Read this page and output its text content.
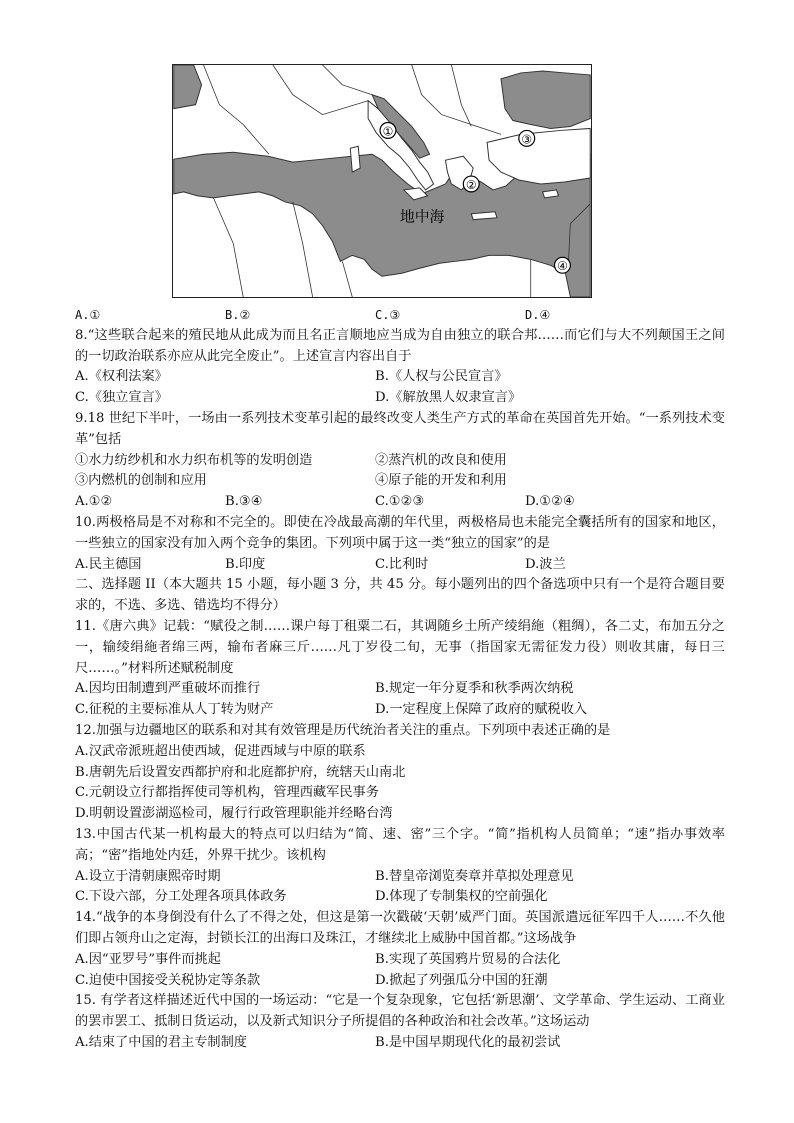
地中海
①
②
③
④
A.①	B.②	C.③	D.④
8.“这些联合起来的殖民地从此成为而且名正言顺地应当成为自由独立的联合邦……而它们与大不列颠国王之间的一切政治联系亦应从此完全废止”。上述宣言内容出自于
A.《权利法案》	B.《人权与公民宣言》
C.《独立宣言》	D.《解放黑人奴隶宣言》
9.18 世纪下半叶，一场由一系列技术变革引起的最终改变人类生产方式的革命在英国首先开始。“一系列技术变革”包括
①水力纺纱机和水力织布机等的发明创造	②蒸汽机的改良和使用
③内燃机的创制和应用	④原子能的开发和利用
A.①②	B.③④	C.①②③	D.①②④
10.两极格局是不对称和不完全的。即使在冷战最高潮的年代里，两极格局也未能完全囊括所有的国家和地区，一些独立的国家没有加入两个竞争的集团。下列项中属于这一类“独立的国家”的是
A.民主德国	B.印度	C.比利时	D.波兰
二、选择题 II（本大题共 15 小题，每小题 3 分，共 45 分。每小题列出的四个备选项中只有一个是符合题目要求的，不选、多选、错选均不得分）
11.《唐六典》记载：“赋役之制……课户每丁租粟二石，其调随乡土所产绫绢絁（粗绸），各二丈，布加五分之一，输绫绢絁者绵三两，输布者麻三斤……凡丁岁役二旬，无事（指国家无需征发力役）则收其庸，每日三尺……。”材料所述赋税制度
A.因均田制遭到严重破坏而推行	B.规定一年分夏季和秋季两次纳税
C.征税的主要标准从人丁转为财产	D.一定程度上保障了政府的赋税收入
12.加强与边疆地区的联系和对其有效管理是历代统治者关注的重点。下列项中表述正确的是
A.汉武帝派班超出使西域，促进西域与中原的联系
B.唐朝先后设置安西都护府和北庭都护府，统辖天山南北
C.元朝设立行都指挥使司等机构，管理西藏军民事务
D.明朝设置澎湖巡检司，履行行政管理职能并经略台湾
13.中国古代某一机构最大的特点可以归结为“简、速、密”三个字。“简”指机构人员简单；“速”指办事效率高；“密”指地处内廷，外界干扰少。该机构
A.设立于清朝康熙帝时期	B.替皇帝浏览奏章并草拟处理意见
C.下设六部，分工处理各项具体政务	D.体现了专制集权的空前强化
14.“战争的本身倒没有什么了不得之处，但这是第一次戳破‘天朝’威严门面。英国派遣远征军四千人……不久他们即占领舟山之定海，封锁长江的出海口及珠江，才继续北上威胁中国首都。”这场战争
A.因“亚罗号”事件而挑起	B.实现了英国鸦片贸易的合法化
C.迫使中国接受关税协定等条款	D.掀起了列强瓜分中国的狂潮
15. 有学者这样描述近代中国的一场运动：“它是一个复杂现象，它包括‘新思潮’、文学革命、学生运动、工商业的罢市罢工、抵制日货运动，以及新式知识分子所提倡的各种政治和社会改革。”这场运动
A.结束了中国的君主专制制度	B.是中国早期现代化的最初尝试
